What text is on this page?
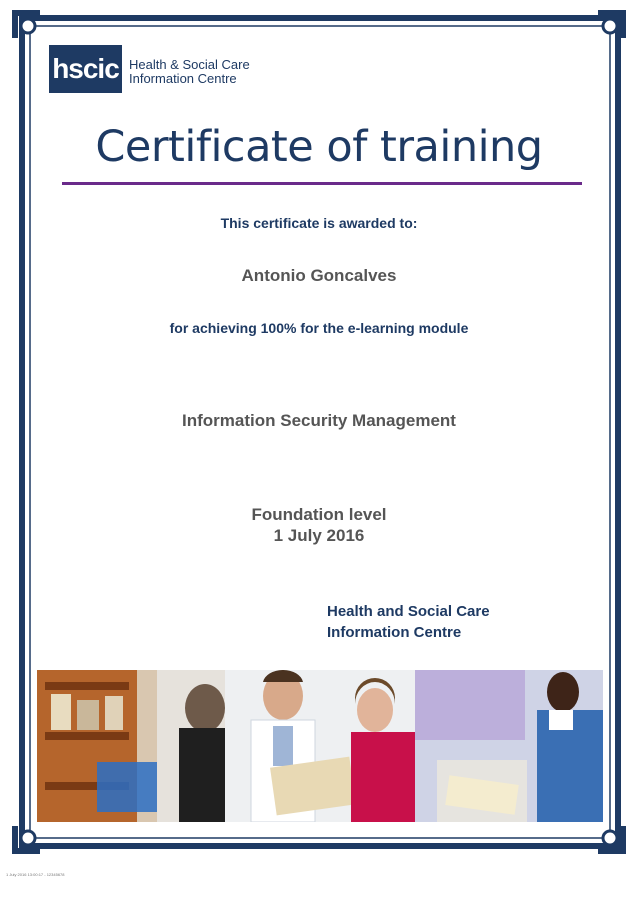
hscic Health & Social Care
Information Centre
Certificate of training
This certificate is awarded to:
Antonio Goncalves
for achieving 100% for the e-learning module
Information Security Management
Foundation level
1 July 2016
Health and Social Care
Information Centre
1 July 2016 13:00:17 - 12345678
